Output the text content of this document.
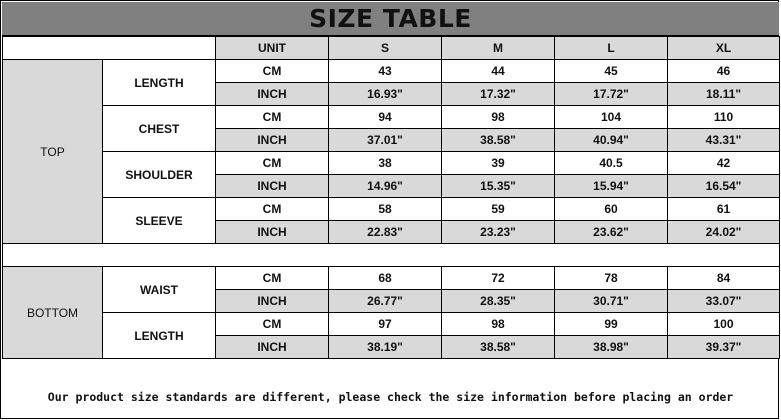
SIZE TABLE
		UNIT	S	M	L	XL
TOP	LENGTH	CM	43	44	45	46
		INCH	16.93"	17.32"	17.72"	18.11"
	CHEST	CM	94	98	104	110
		INCH	37.01"	38.58"	40.94"	43.31"
	SHOULDER	CM	38	39	40.5	42
		INCH	14.96"	15.35"	15.94"	16.54"
	SLEEVE	CM	58	59	60	61
		INCH	22.83"	23.23"	23.62"	24.02"

BOTTOM	WAIST	CM	68	72	78	84
		INCH	26.77"	28.35"	30.71"	33.07"
	LENGTH	CM	97	98	99	100
		INCH	38.19"	38.58"	38.98"	39.37"
Our product size standards are different, please check the size information before placing an order
